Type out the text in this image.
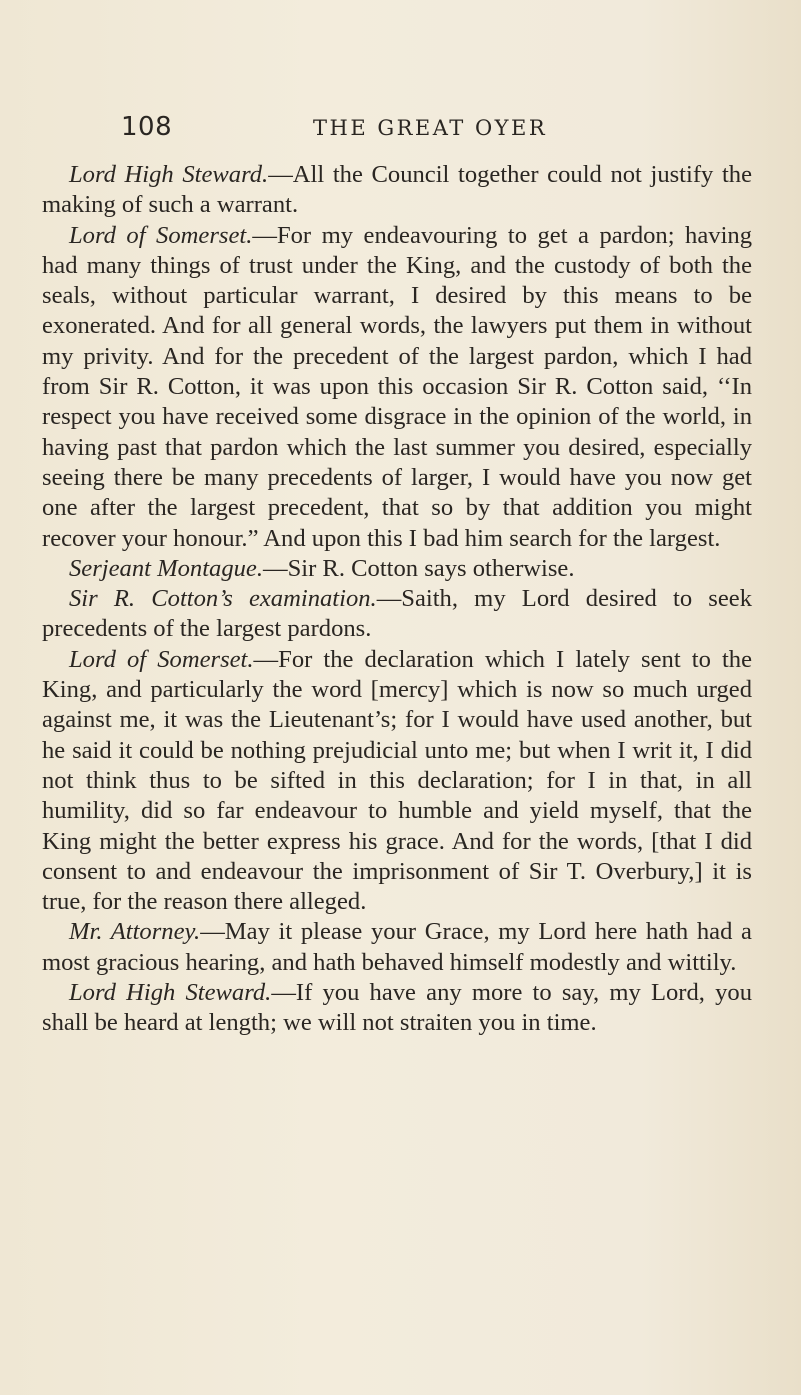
108	THE GREAT OYER

Lord High Steward.—All the Council together could not justify the making of such a warrant.

Lord of Somerset.—For my endeavouring to get a pardon; having had many things of trust under the King, and the custody of both the seals, without particular warrant, I desired by this means to be exonerated. And for all general words, the lawyers put them in without my privity. And for the precedent of the largest pardon, which I had from Sir R. Cotton, it was upon this occasion Sir R. Cotton said, ‘‘In respect you have received some disgrace in the opinion of the world, in having past that pardon which the last summer you desired, especially seeing there be many precedents of larger, I would have you now get one after the largest precedent, that so by that addition you might recover your honour.” And upon this I bad him search for the largest.

Serjeant Montague.—Sir R. Cotton says otherwise.

Sir R. Cotton’s examination.—Saith, my Lord desired to seek precedents of the largest pardons.

Lord of Somerset.—For the declaration which I lately sent to the King, and particularly the word [mercy] which is now so much urged against me, it was the Lieutenant’s; for I would have used another, but he said it could be nothing prejudicial unto me; but when I writ it, I did not think thus to be sifted in this declaration; for I in that, in all humility, did so far endeavour to humble and yield myself, that the King might the better express his grace. And for the words, [that I did consent to and endeavour the imprisonment of Sir T. Overbury,] it is true, for the reason there alleged.

Mr. Attorney.—May it please your Grace, my Lord here hath had a most gracious hearing, and hath behaved himself modestly and wittily.

Lord High Steward.—If you have any more to say, my Lord, you shall be heard at length; we will not straiten you in time.
